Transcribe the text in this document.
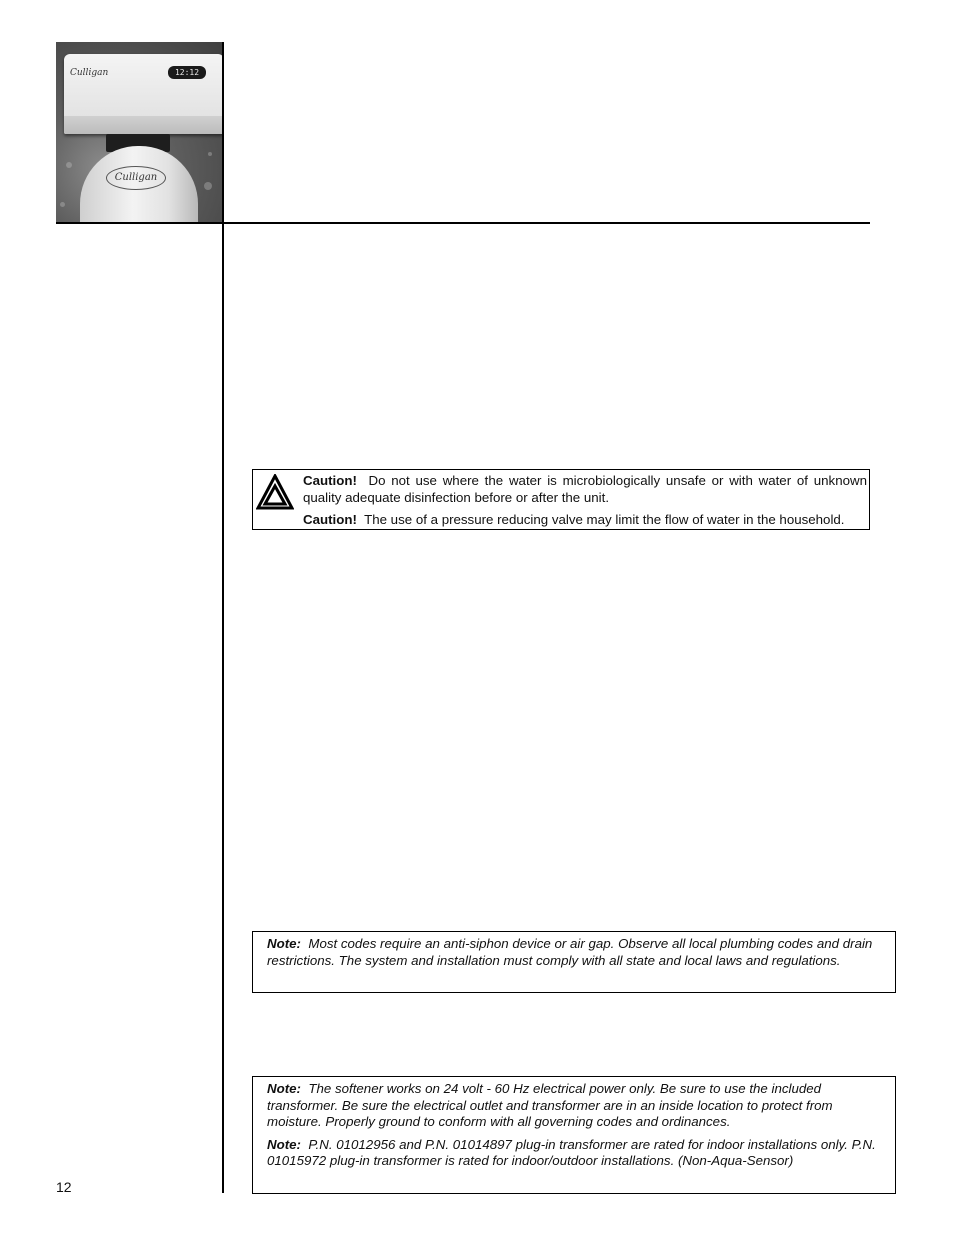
Culligan	12:12
Culligan

Caution! Do not use where the water is microbiologically unsafe or with water of unknown quality adequate disinfection before or after the unit.

Caution! The use of a pressure reducing valve may limit the flow of water in the household.

Note: Most codes require an anti-siphon device or air gap. Observe all local plumbing codes and drain restrictions. The system and installation must comply with all state and local laws and regulations.

Note: The softener works on 24 volt - 60 Hz electrical power only. Be sure to use the included transformer. Be sure the electrical outlet and transformer are in an inside location to protect from moisture. Properly ground to conform with all governing codes and ordinances.

Note: P.N. 01012956 and P.N. 01014897 plug-in transformer are rated for indoor installations only. P.N. 01015972 plug-in transformer is rated for indoor/outdoor installations. (Non-Aqua-Sensor)

12
